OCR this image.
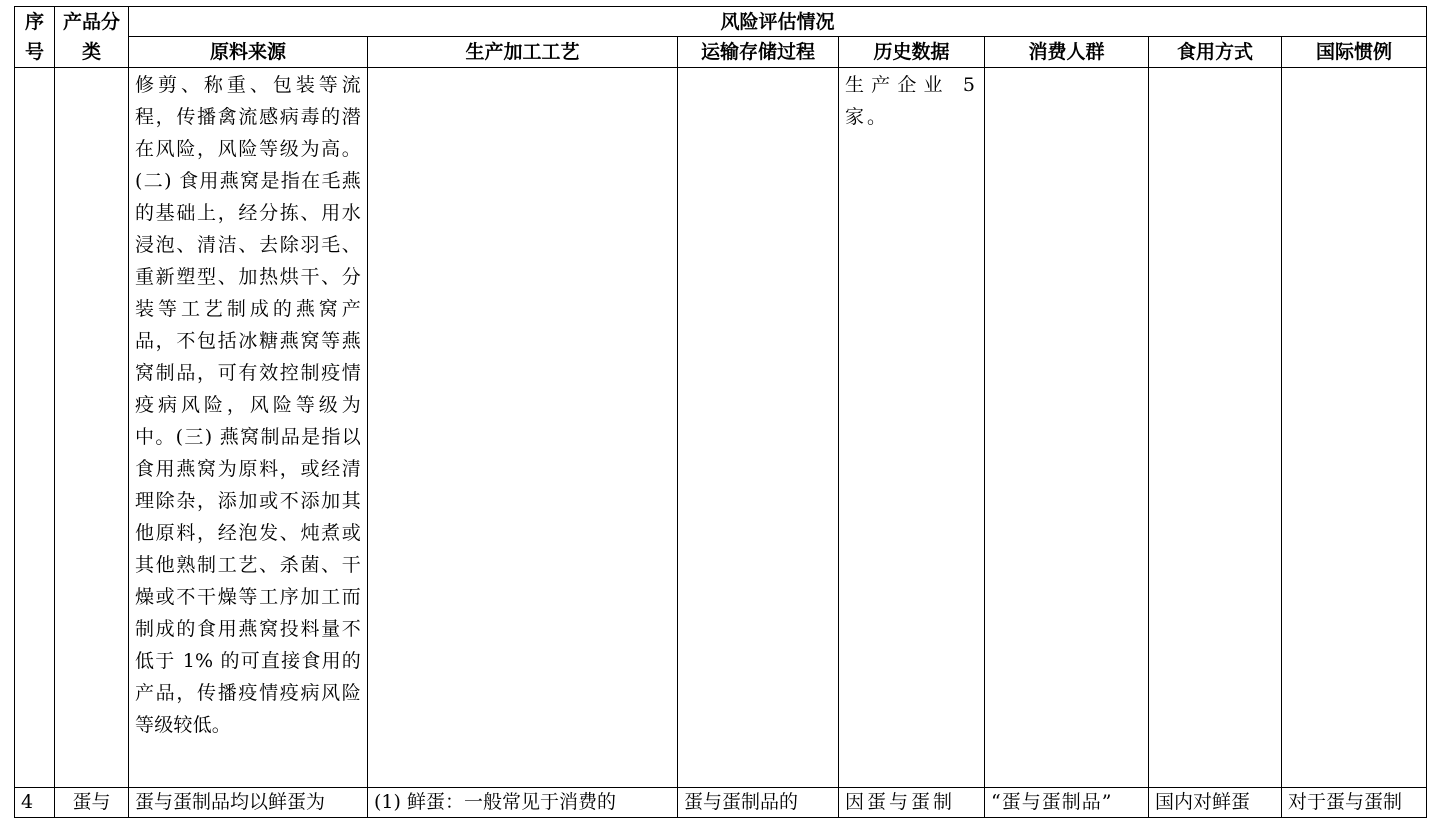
序号	产品分类	风险评估情况						
		原料来源	生产加工工艺	运输存储过程	历史数据	消费人群	食用方式	国际惯例
		修剪、称重、包装等流程，传播禽流感病毒的潜在风险，风险等级为高。(二) 食用燕窝是指在毛燕的基础上，经分拣、用水浸泡、清洁、去除羽毛、重新塑型、加热烘干、分装等工艺制成的燕窝产品，不包括冰糖燕窝等燕窝制品，可有效控制疫情疫病风险，风险等级为中。(三) 燕窝制品是指以食用燕窝为原料，或经清理除杂，添加或不添加其他原料，经泡发、炖煮或其他熟制工艺、杀菌、干燥或不干燥等工序加工而制成的食用燕窝投料量不低于 1% 的可直接食用的产品，传播疫情疫病风险等级较低。			生产企业 5 家。			
4	蛋与	蛋与蛋制品均以鲜蛋为	(1) 鲜蛋：一般常见于消费的	蛋与蛋制品的	因蛋与蛋制	“蛋与蛋制品”	国内对鲜蛋	对于蛋与蛋制
